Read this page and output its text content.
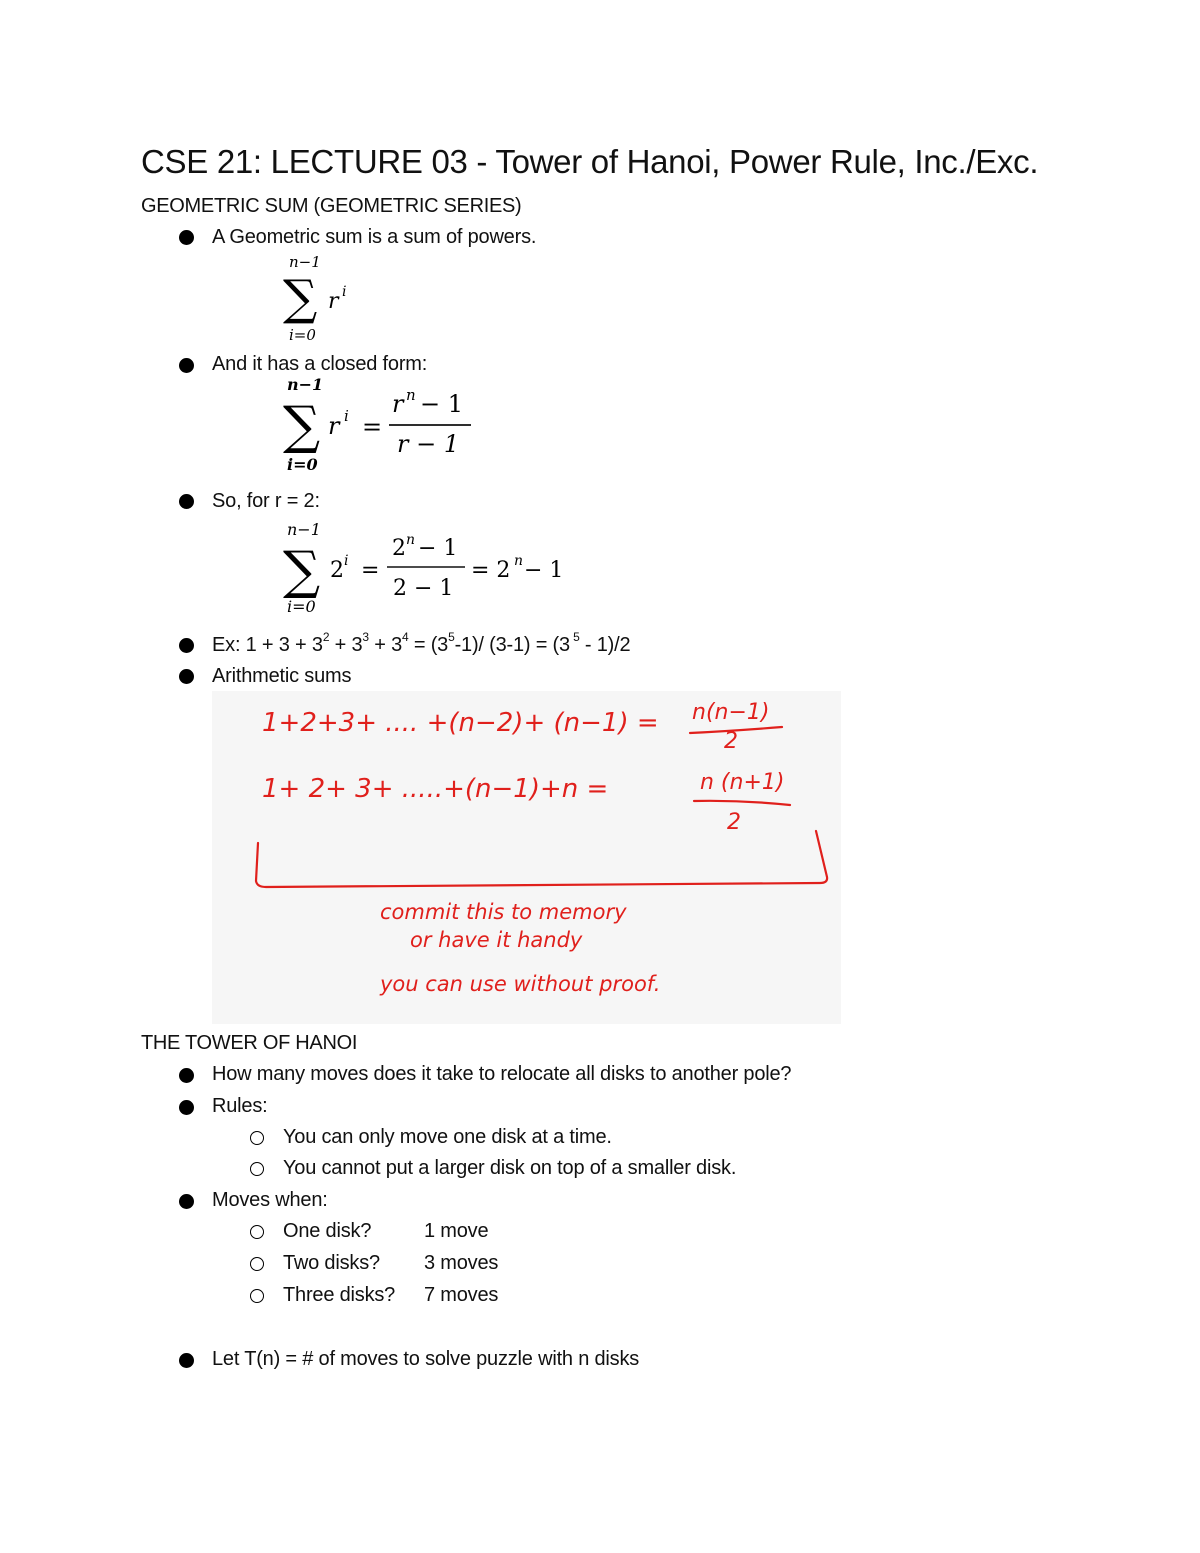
CSE 21: LECTURE 03 - Tower of Hanoi, Power Rule, Inc./Exc.
GEOMETRIC SUM (GEOMETRIC SERIES)
A Geometric sum is a sum of powers.
n−1
∑
i=0
r i
And it has a closed form:
n−1
∑
i=0
r i =
r n − 1
r − 1
So, for r = 2:
n−1
∑
i=0
2 i =
2 n − 1
2 − 1
= 2 n − 1
Ex: $1 + 3 + 3^2 + 3^3 + 3^4 = (3^5-1)/$ (3-1) = (3 $^5$ - 1)/2
Arithmetic sums
1+2+3+ .... +(n−2)+ (n−1) = n(n−1)
2
1+ 2+ 3+ .....+(n−1)+n =	n (n+1)
2
commit this to memory
or have it handy
you can use without proof.
THE TOWER OF HANOI
How many moves does it take to relocate all disks to another pole?
Rules:
You can only move one disk at a time.
You cannot put a larger disk on top of a smaller disk.
Moves when:
One disk?	1 move
Two disks? 3 moves
Three disks? 7 moves
Let T(n) = # of moves to solve puzzle with n disks
